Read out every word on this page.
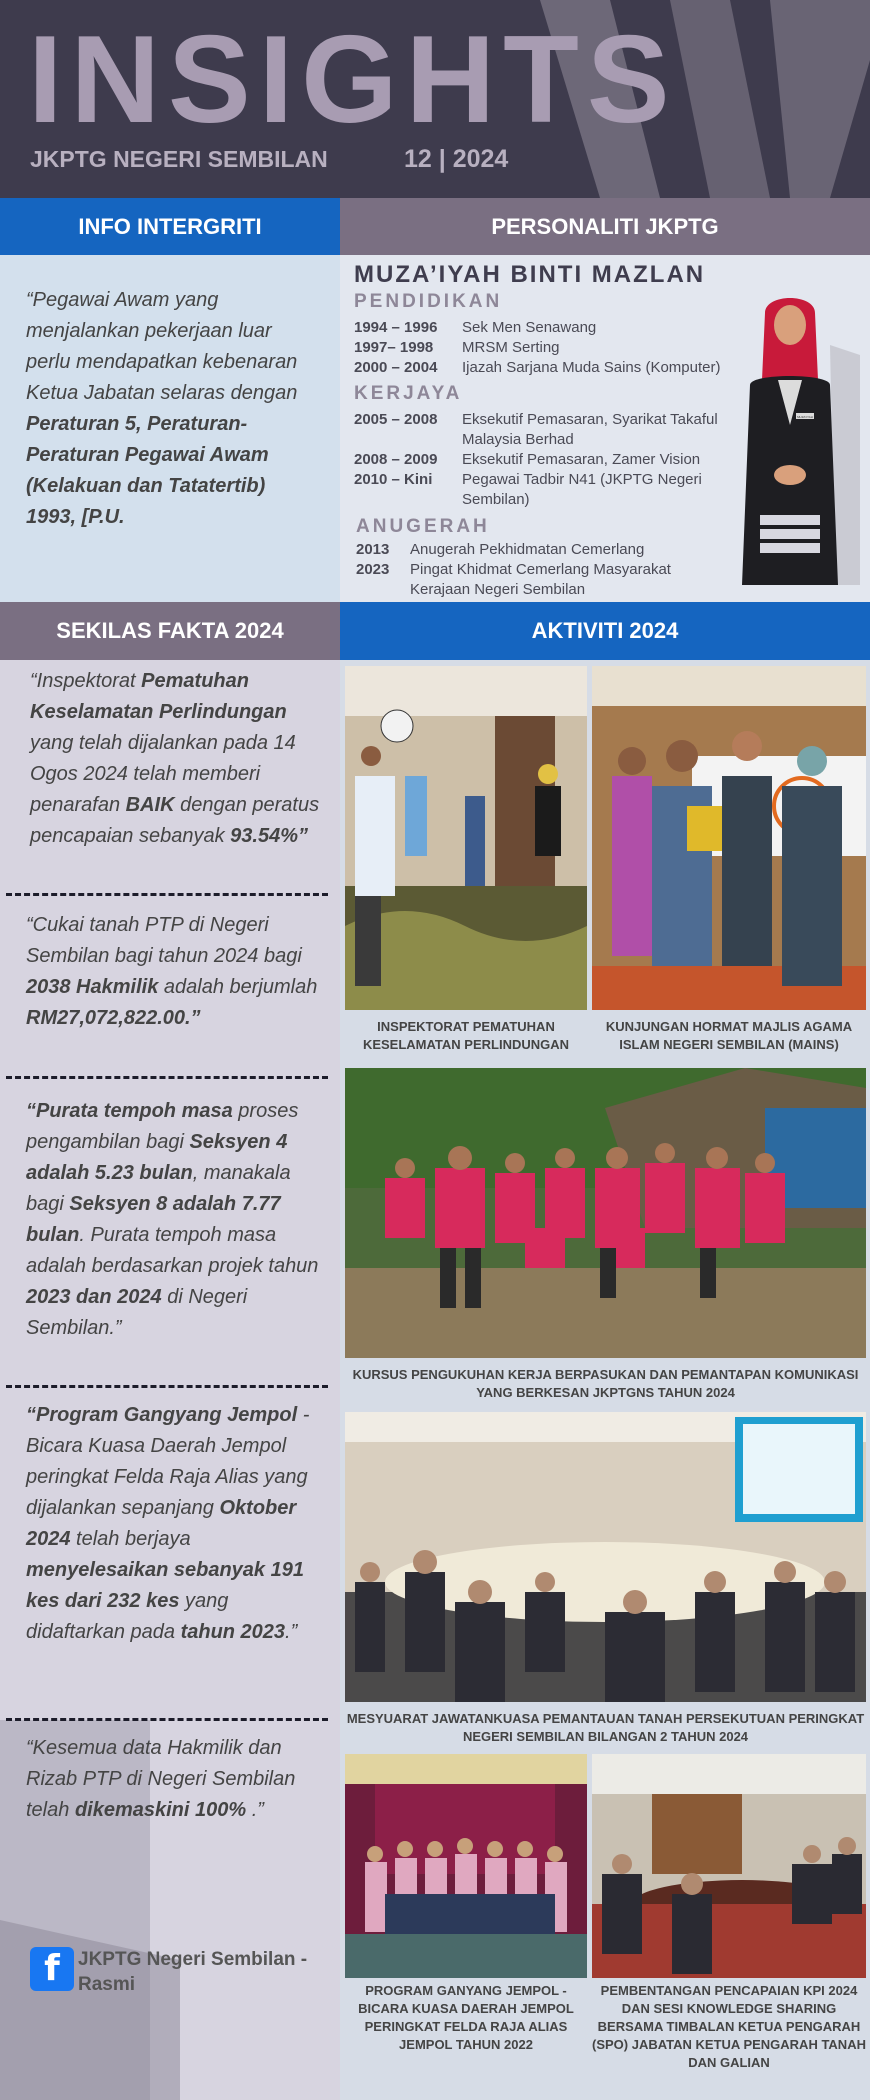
INSIGHTS
JKPTG NEGERI SEMBILAN	12 | 2024
INFO INTERGRITI	PERSONALITI JKPTG

“Pegawai Awam yang menjalankan pekerjaan luar perlu mendapatkan kebenaran Ketua Jabatan selaras dengan Peraturan 5, Peraturan-Peraturan Pegawai Awam (Kelakuan dan Tatatertib) 1993, [P.U.

MUZA’IYAH BINTI MAZLAN
PENDIDIKAN
1994 – 1996	Sek Men Senawang
1997– 1998	MRSM Serting
2000 – 2004	Ijazah Sarjana Muda Sains (Komputer)
KERJAYA
2005 – 2008	Eksekutif Pemasaran, Syarikat Takaful Malaysia Berhad
2008 – 2009	Eksekutif Pemasaran, Zamer Vision
2010 – Kini	Pegawai Tadbir N41 (JKPTG Negeri Sembilan)
ANUGERAH
2013	Anugerah Pekhidmatan Cemerlang
2023	Pingat Khidmat Cemerlang Masyarakat Kerajaan Negeri Sembilan
MUZA'IYAH
SEKILAS FAKTA 2024	AKTIVITI 2024

“Inspektorat Pematuhan Keselamatan Perlindungan yang telah dijalankan pada 14 Ogos 2024 telah memberi penarafan BAIK dengan peratus pencapaian sebanyak 93.54%”

“Cukai tanah PTP di Negeri Sembilan bagi tahun 2024 bagi 2038 Hakmilik adalah berjumlah RM27,072,822.00.”

“Purata tempoh masa proses pengambilan bagi Seksyen 4 adalah 5.23 bulan, manakala bagi Seksyen 8 adalah 7.77 bulan. Purata tempoh masa adalah berdasarkan projek tahun 2023 dan 2024 di Negeri Sembilan.”

“Program Gangyang Jempol - Bicara Kuasa Daerah Jempol peringkat Felda Raja Alias yang dijalankan sepanjang Oktober 2024 telah berjaya menyelesaikan sebanyak 191 kes dari 232 kes yang didaftarkan pada tahun 2023.”

“Kesemua data Hakmilik dan Rizab PTP di Negeri Sembilan telah dikemaskini 100% .”

f JKPTG Negeri Sembilan - Rasmi
INSPEKTORAT PEMATUHAN KESELAMATAN PERLINDUNGAN
KUNJUNGAN HORMAT MAJLIS AGAMA ISLAM NEGERI SEMBILAN (MAINS)
KURSUS PENGUKUHAN KERJA BERPASUKAN DAN PEMANTAPAN KOMUNIKASI YANG BERKESAN JKPTGNS TAHUN 2024
MESYUARAT JAWATANKUASA PEMANTAUAN TANAH PERSEKUTUAN PERINGKAT NEGERI SEMBILAN BILANGAN 2 TAHUN 2024
PROGRAM GANYANG JEMPOL - BICARA KUASA DAERAH JEMPOL PERINGKAT FELDA RAJA ALIAS JEMPOL TAHUN 2022
PEMBENTANGAN PENCAPAIAN KPI 2024 DAN SESI KNOWLEDGE SHARING BERSAMA TIMBALAN KETUA PENGARAH (SPO) JABATAN KETUA PENGARAH TANAH DAN GALIAN
